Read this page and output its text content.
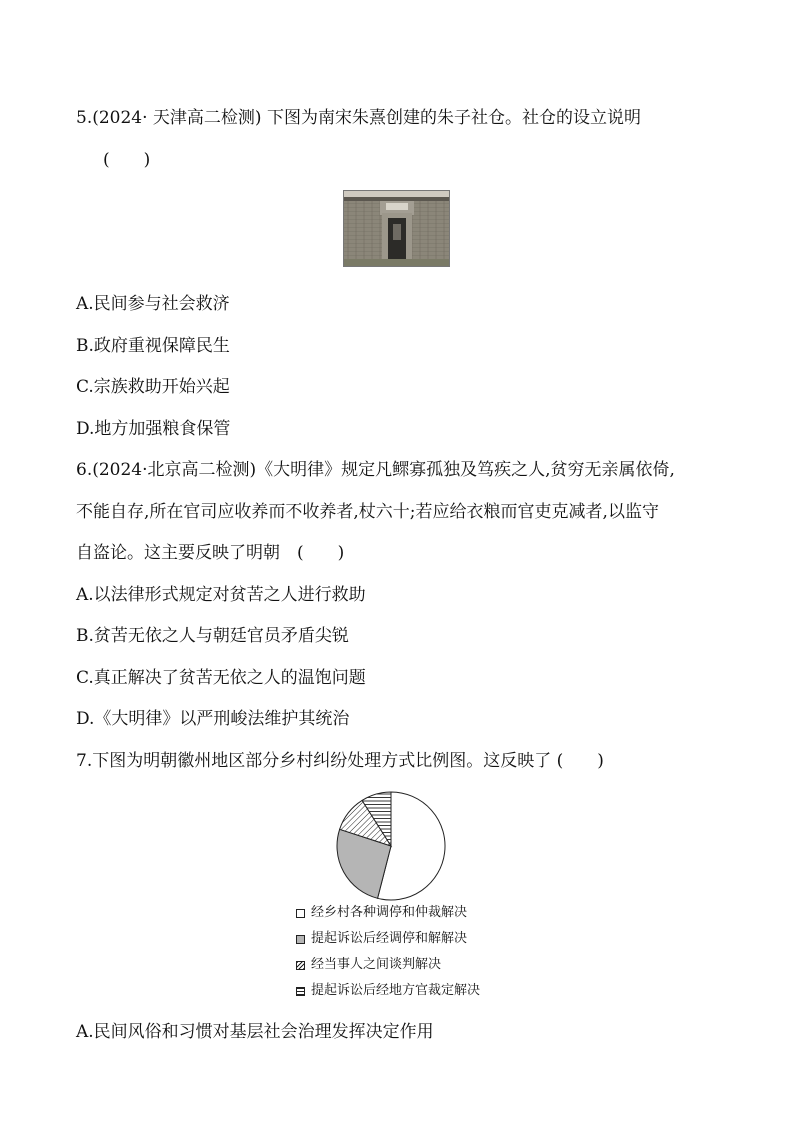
5.(2024· 天津高二检测) 下图为南宋朱熹创建的朱子社仓。社仓的设立说明
(　　)
A.民间参与社会救济
B.政府重视保障民生
C.宗族救助开始兴起
D.地方加强粮食保管
6.(2024·北京高二检测)《大明律》规定凡鳏寡孤独及笃疾之人,贫穷无亲属依倚,
不能自存,所在官司应收养而不收养者,杖六十;若应给衣粮而官吏克减者,以监守
自盗论。这主要反映了明朝　(　　)
A.以法律形式规定对贫苦之人进行救助
B.贫苦无依之人与朝廷官员矛盾尖锐
C.真正解决了贫苦无依之人的温饱问题
D.《大明律》以严刑峻法维护其统治
7.下图为明朝徽州地区部分乡村纠纷处理方式比例图。这反映了 (　　)
经乡村各种调停和仲裁解决
提起诉讼后经调停和解解决
经当事人之间谈判解决
提起诉讼后经地方官裁定解决
A.民间风俗和习惯对基层社会治理发挥决定作用
